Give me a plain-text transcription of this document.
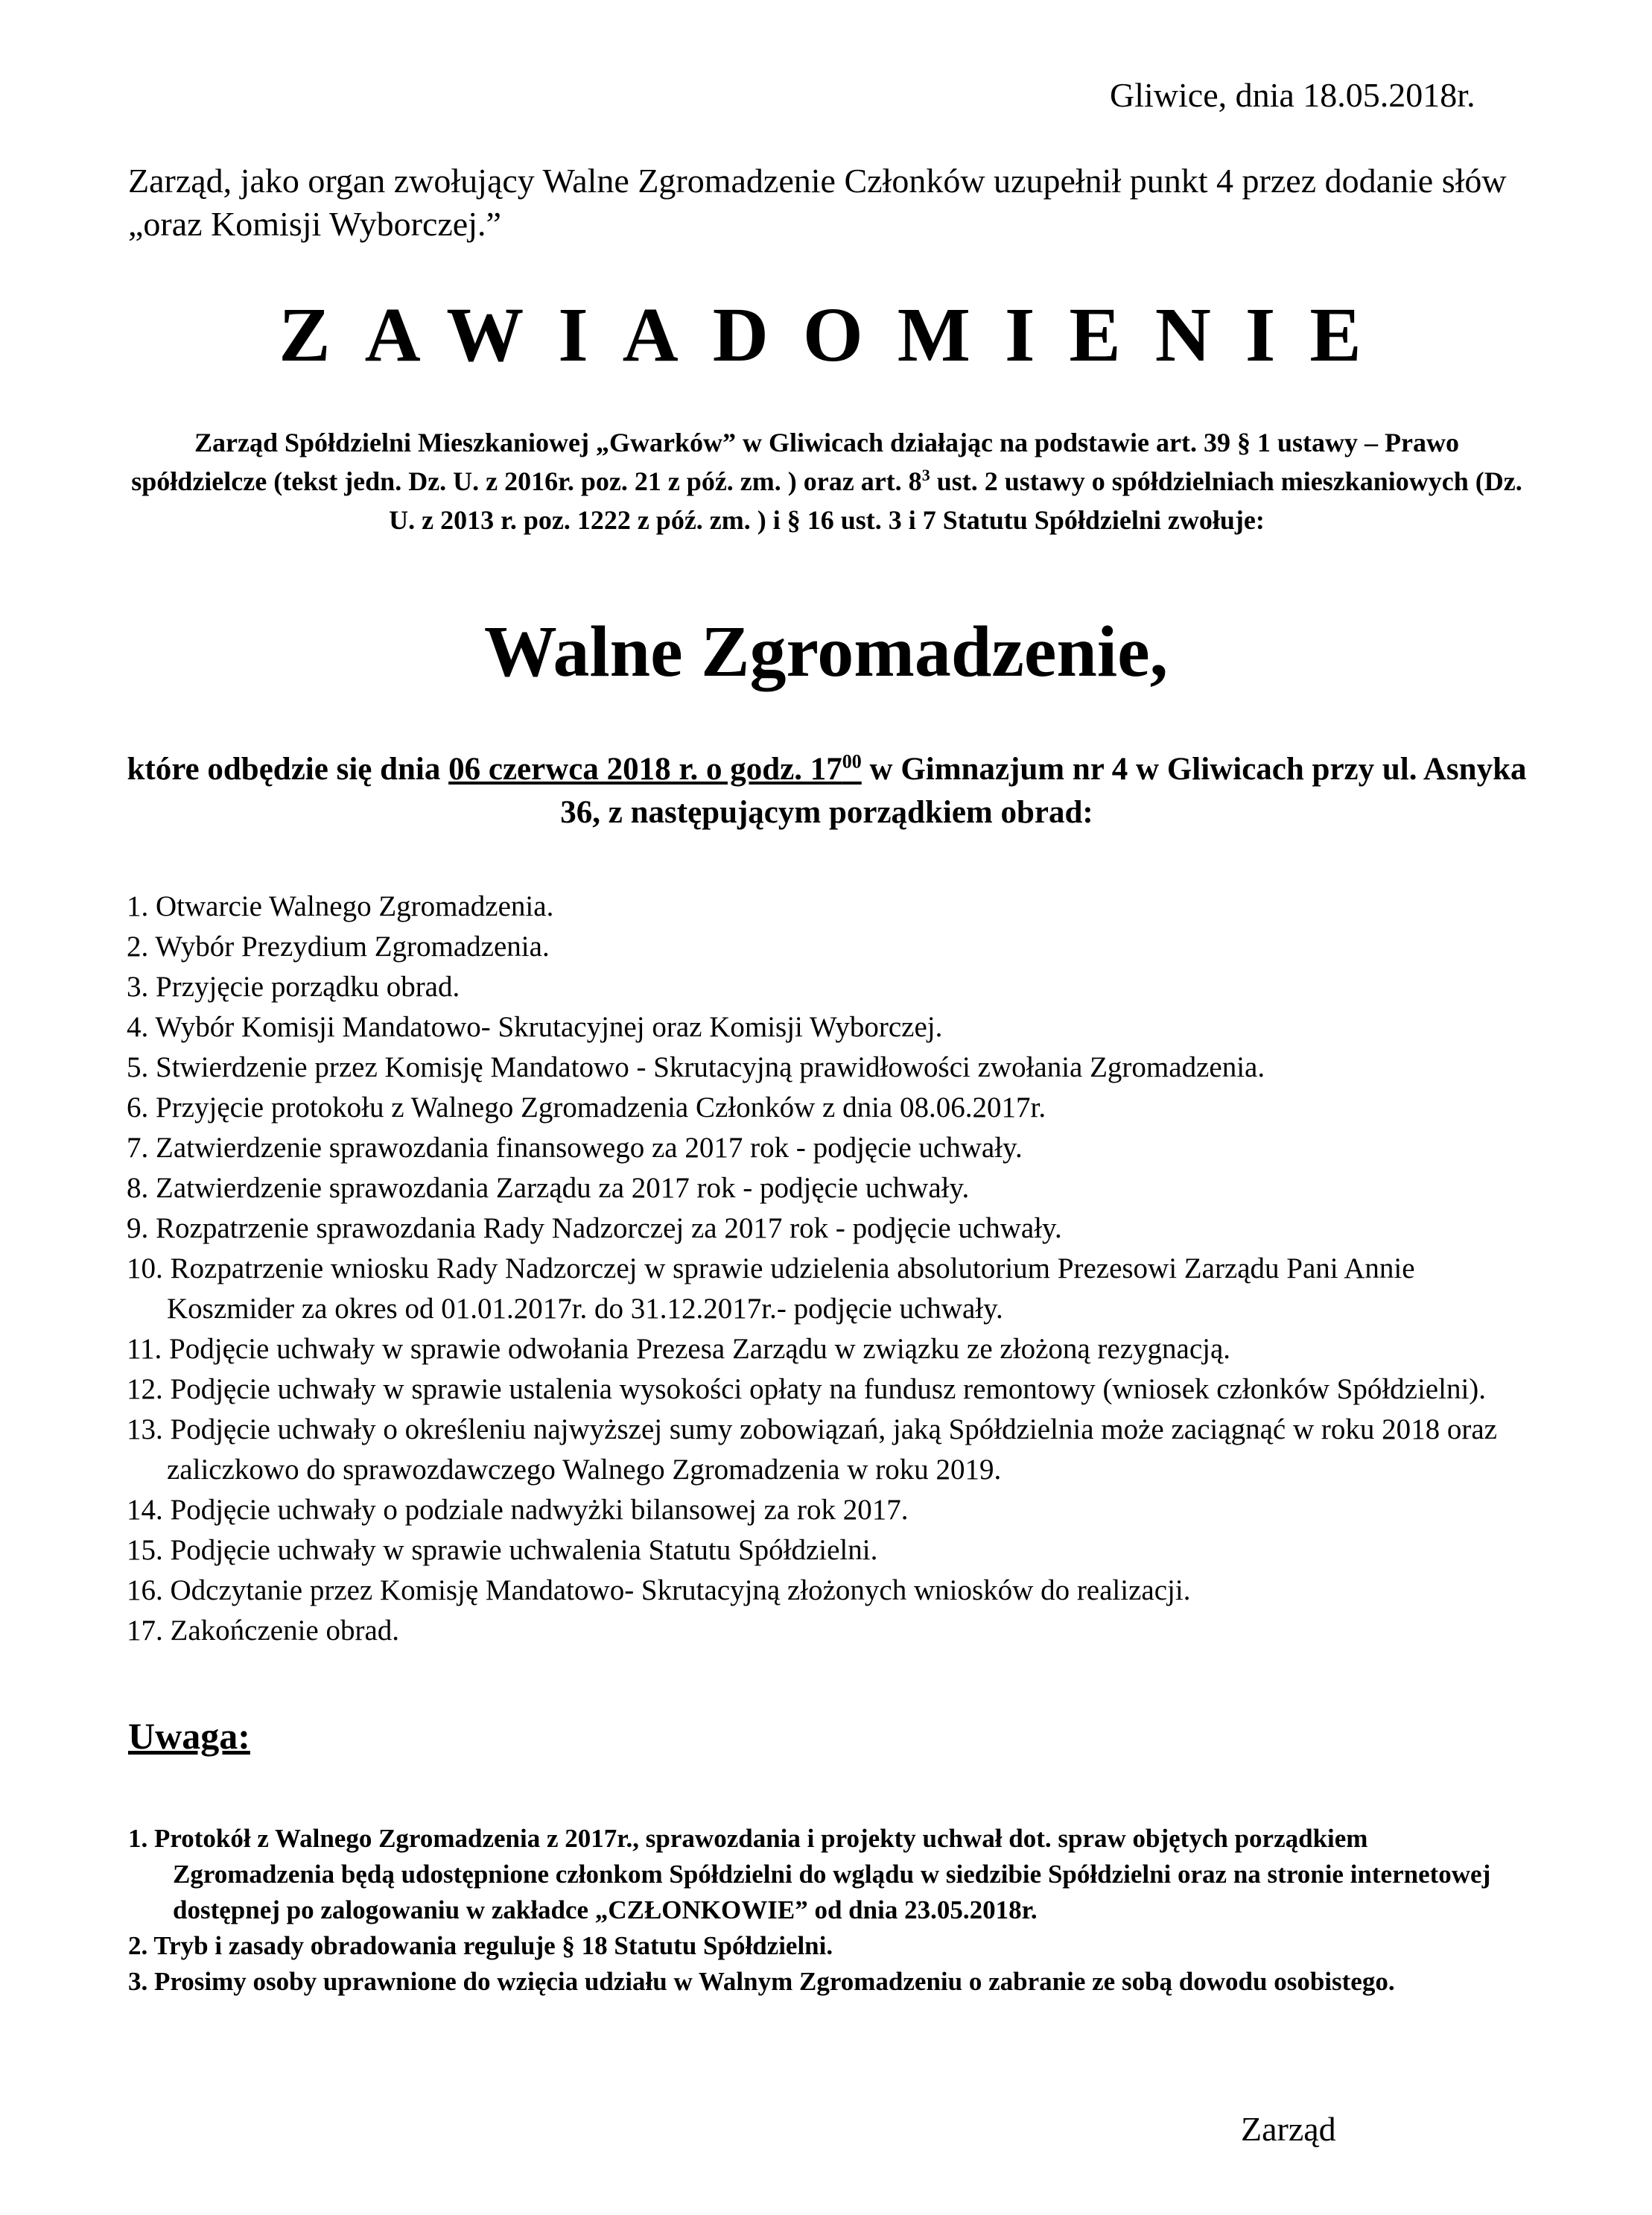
Gliwice, dnia 18.05.2018r.
Zarząd, jako organ zwołujący Walne Zgromadzenie Członków uzupełnił punkt 4 przez dodanie słów „oraz Komisji Wyborczej.”
ZAWIADOMIENIE
Zarząd Spółdzielni Mieszkaniowej „Gwarków” w Gliwicach działając na podstawie art. 39 § 1 ustawy – Prawo spółdzielcze (tekst jedn. Dz. U. z 2016r. poz. 21 z póź. zm. ) oraz art. $8^3$ ust. 2 ustawy o spółdzielniach mieszkaniowych (Dz. U. z 2013 r. poz. 1222 z póź. zm. ) i § 16 ust. 3 i 7 Statutu Spółdzielni zwołuje:
Walne Zgromadzenie,
które odbędzie się dnia 06 czerwca 2018 r. o godz. $17^{00}$ w Gimnazjum nr 4 w Gliwicach przy ul. Asnyka 36, z następującym porządkiem obrad:
1. Otwarcie Walnego Zgromadzenia.
2. Wybór Prezydium Zgromadzenia.
3. Przyjęcie porządku obrad.
4. Wybór Komisji Mandatowo- Skrutacyjnej oraz Komisji Wyborczej.
5. Stwierdzenie przez Komisję Mandatowo - Skrutacyjną prawidłowości zwołania Zgromadzenia.
6. Przyjęcie protokołu z Walnego Zgromadzenia Członków z dnia 08.06.2017r.
7. Zatwierdzenie sprawozdania finansowego za 2017 rok - podjęcie uchwały.
8. Zatwierdzenie sprawozdania Zarządu za 2017 rok - podjęcie uchwały.
9. Rozpatrzenie sprawozdania Rady Nadzorczej za 2017 rok - podjęcie uchwały.
10. Rozpatrzenie wniosku Rady Nadzorczej w sprawie udzielenia absolutorium Prezesowi Zarządu Pani Annie Koszmider za okres od 01.01.2017r. do 31.12.2017r.- podjęcie uchwały.
11. Podjęcie uchwały w sprawie odwołania Prezesa Zarządu w związku ze złożoną rezygnacją.
12. Podjęcie uchwały w sprawie ustalenia wysokości opłaty na fundusz remontowy (wniosek członków Spółdzielni).
13. Podjęcie uchwały o określeniu najwyższej sumy zobowiązań, jaką Spółdzielnia może zaciągnąć w roku 2018 oraz zaliczkowo do sprawozdawczego Walnego Zgromadzenia w roku 2019.
14. Podjęcie uchwały o podziale nadwyżki bilansowej za rok 2017.
15. Podjęcie uchwały w sprawie uchwalenia Statutu Spółdzielni.
16. Odczytanie przez Komisję Mandatowo- Skrutacyjną złożonych wniosków do realizacji.
17. Zakończenie obrad.
Uwaga:
1. Protokół z Walnego Zgromadzenia z 2017r., sprawozdania i projekty uchwał dot. spraw objętych porządkiem Zgromadzenia będą udostępnione członkom Spółdzielni do wglądu w siedzibie Spółdzielni oraz na stronie internetowej dostępnej po zalogowaniu w zakładce „CZŁONKOWIE” od dnia 23.05.2018r.
2. Tryb i zasady obradowania reguluje § 18 Statutu Spółdzielni.
3. Prosimy osoby uprawnione do wzięcia udziału w Walnym Zgromadzeniu o zabranie ze sobą dowodu osobistego.
Zarząd
